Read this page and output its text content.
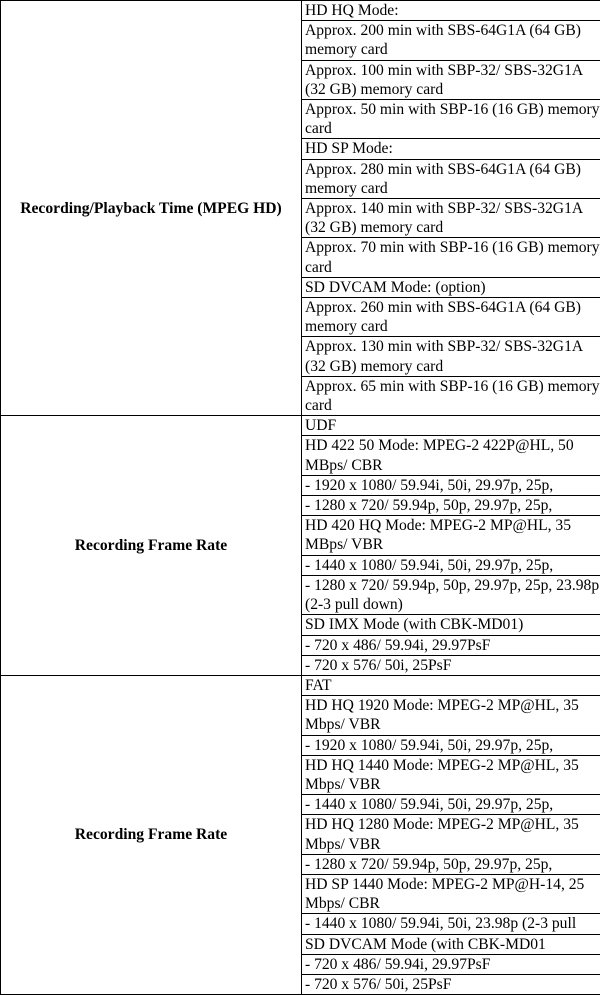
Recording/Playback Time (MPEG HD)	HD HQ Mode:
	Approx. 200 min with SBS-64G1A (64 GB) memory card
	Approx. 100 min with SBP-32/ SBS-32G1A (32 GB) memory card
	Approx. 50 min with SBP-16 (16 GB) memory card
	HD SP Mode:
	Approx. 280 min with SBS-64G1A (64 GB) memory card
	Approx. 140 min with SBP-32/ SBS-32G1A (32 GB) memory card
	Approx. 70 min with SBP-16 (16 GB) memory card
	SD DVCAM Mode: (option)
	Approx. 260 min with SBS-64G1A (64 GB) memory card
	Approx. 130 min with SBP-32/ SBS-32G1A (32 GB) memory card
	Approx. 65 min with SBP-16 (16 GB) memory card
Recording Frame Rate	UDF
	HD 422 50 Mode: MPEG-2 422P@HL, 50 MBps/ CBR
	- 1920 x 1080/ 59.94i, 50i, 29.97p, 25p,
	- 1280 x 720/ 59.94p, 50p, 29.97p, 25p,
	HD 420 HQ Mode: MPEG-2 MP@HL, 35 MBps/ VBR
	- 1440 x 1080/ 59.94i, 50i, 29.97p, 25p,
	- 1280 x 720/ 59.94p, 50p, 29.97p, 25p, 23.98p (2-3 pull down)
	SD IMX Mode (with CBK-MD01)
	- 720 x 486/ 59.94i, 29.97PsF
	- 720 x 576/ 50i, 25PsF
Recording Frame Rate	FAT
	HD HQ 1920 Mode: MPEG-2 MP@HL, 35 Mbps/ VBR
	- 1920 x 1080/ 59.94i, 50i, 29.97p, 25p,
	HD HQ 1440 Mode: MPEG-2 MP@HL, 35 Mbps/ VBR
	- 1440 x 1080/ 59.94i, 50i, 29.97p, 25p,
	HD HQ 1280 Mode: MPEG-2 MP@HL, 35 Mbps/ VBR
	- 1280 x 720/ 59.94p, 50p, 29.97p, 25p,
	HD SP 1440 Mode: MPEG-2 MP@H-14, 25 Mbps/ CBR
	- 1440 x 1080/ 59.94i, 50i, 23.98p (2-3 pull
	SD DVCAM Mode (with CBK-MD01
	- 720 x 486/ 59.94i, 29.97PsF
	- 720 x 576/ 50i, 25PsF
